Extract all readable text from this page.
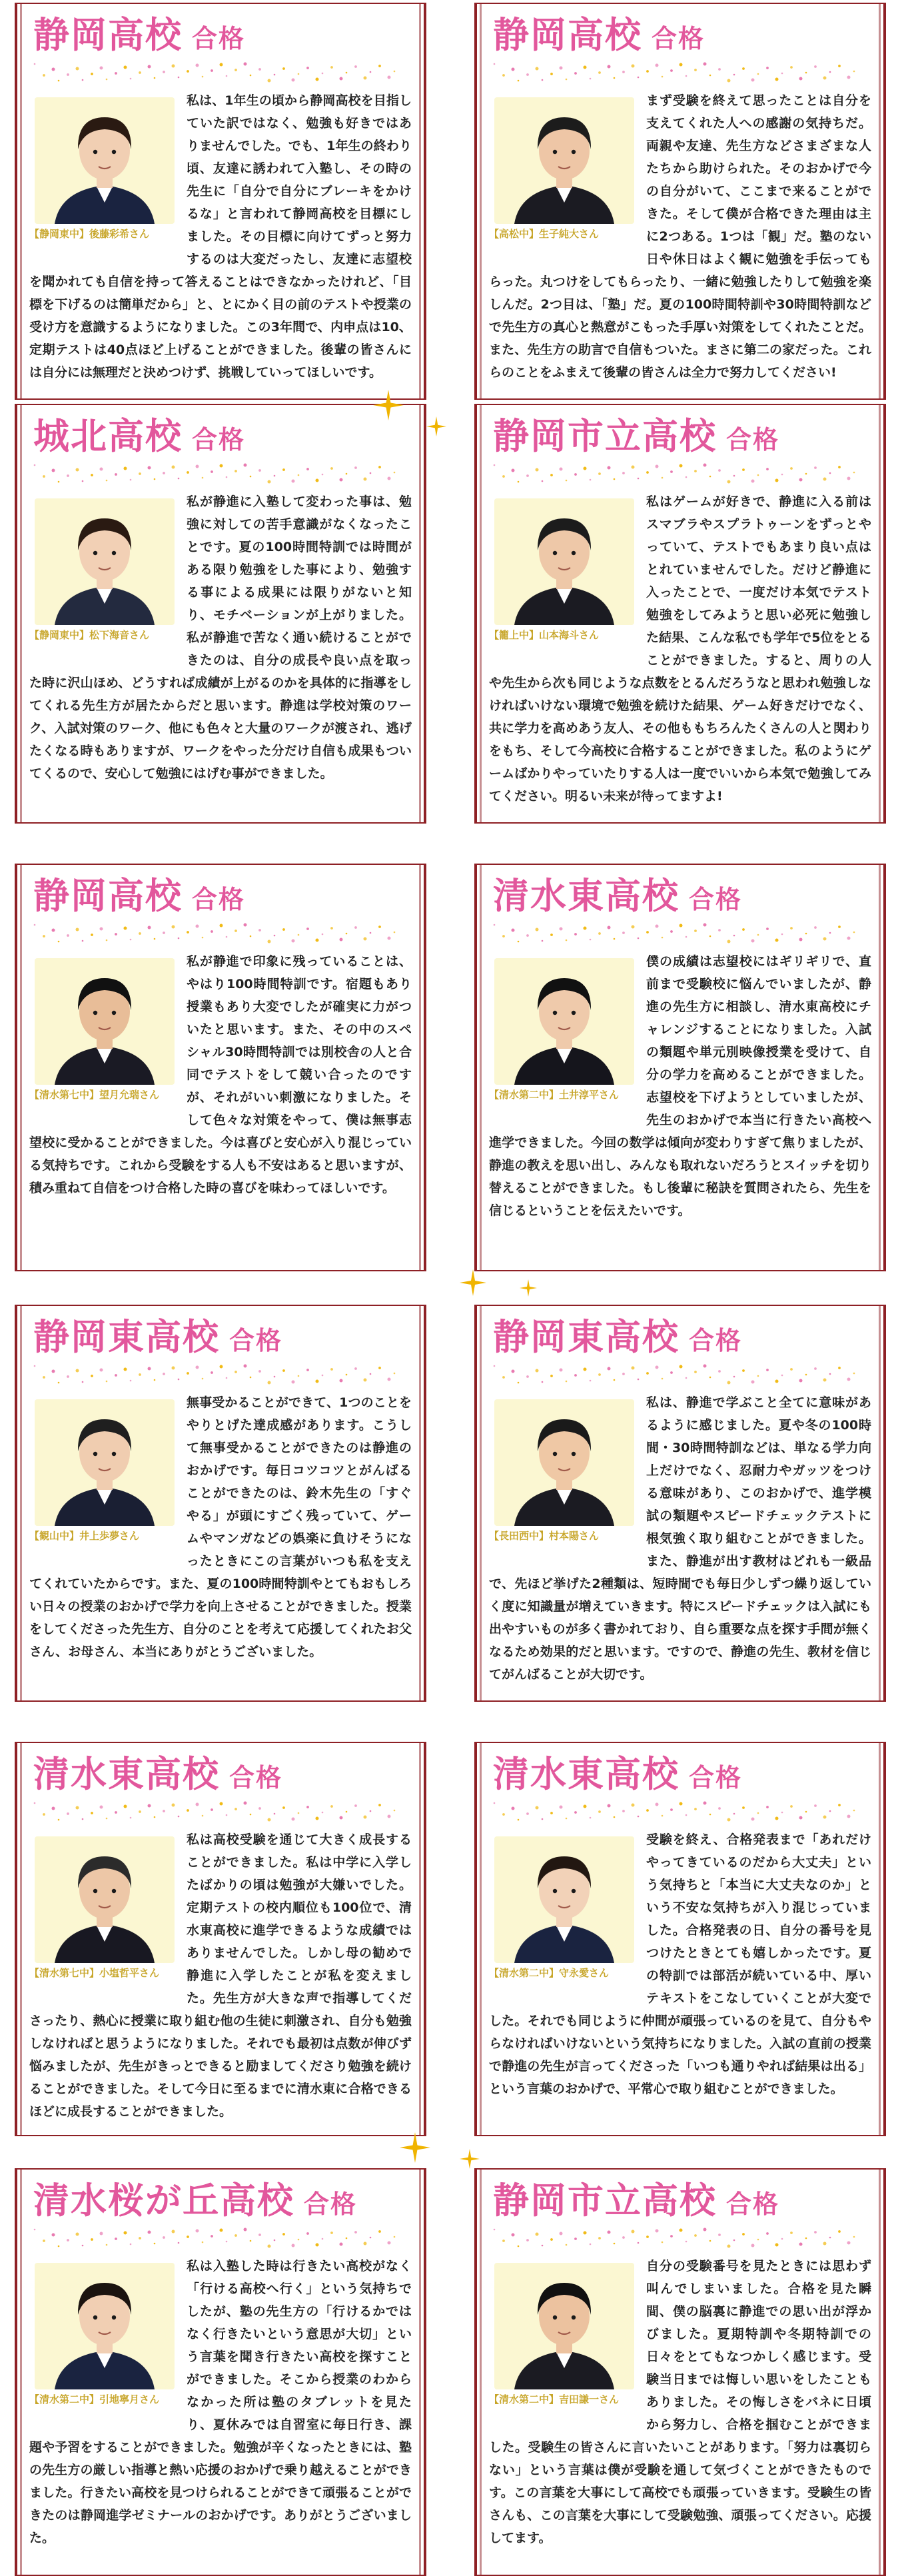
静岡高校 合格
私は、1年生の頃から静岡高校を目指していた訳ではなく、勉強も好きではありませんでした。でも、1年生の終わり頃、友達に誘われて入塾し、その時の先生に「自分で自分にブレーキをかけるな」と言われて静岡高校を目標にしました。その目標に向けてずっと努力するのは大変だったし、友達に志望校を聞かれても自信を持って答えることはできなかったけれど、「目標を下げるのは簡単だから」と、とにかく目の前のテストや授業の受け方を意識するようになりました。この3年間で、内申点は10、定期テストは40点ほど上げることができました。後輩の皆さんには自分には無理だと決めつけず、挑戦していってほしいです。
【静岡東中】後藤彩希さん
静岡高校 合格
まず受験を終えて思ったことは自分を支えてくれた人への感謝の気持ちだ。両親や友達、先生方などさまざまな人たちから助けられた。そのおかげで今の自分がいて、ここまで来ることができた。そして僕が合格できた理由は主に2つある。1つは「観」だ。塾のない日や休日はよく観に勉強を手伝ってもらった。丸つけをしてもらったり、一緒に勉強したりして勉強を楽しんだ。2つ目は、「塾」だ。夏の100時間特訓や30時間特訓などで先生方の真心と熱意がこもった手厚い対策をしてくれたことだ。また、先生方の助言で自信もついた。まさに第二の家だった。これらのことをふまえて後輩の皆さんは全力で努力してください!
【高松中】生子純大さん
城北高校 合格
私が静進に入塾して変わった事は、勉強に対しての苦手意識がなくなったことです。夏の100時間特訓では時間がある限り勉強をした事により、勉強する事による成果には限りがないと知り、モチベーションが上がりました。私が静進で苦なく通い続けることができたのは、自分の成長や良い点を取った時に沢山ほめ、どうすれば成績が上がるのかを具体的に指導をしてくれる先生方が居たからだと思います。静進は学校対策のワーク、入試対策のワーク、他にも色々と大量のワークが渡され、逃げたくなる時もありますが、ワークをやった分だけ自信も成果もついてくるので、安心して勉強にはげむ事ができました。
【静岡東中】松下海音さん
静岡市立高校 合格
私はゲームが好きで、静進に入る前はスマブラやスプラトゥーンをずっとやっていて、テストでもあまり良い点はとれていませんでした。だけど静進に入ったことで、一度だけ本気でテスト勉強をしてみようと思い必死に勉強した結果、こんな私でも学年で5位をとることができました。すると、周りの人や先生から次も同じような点数をとるんだろうなと思われ勉強しなければいけない環境で勉強を続けた結果、ゲーム好きだけでなく、共に学力を高めあう友人、その他ももちろんたくさんの人と関わりをもち、そして今高校に合格することができました。私のようにゲームばかりやっていたりする人は一度でいいから本気で勉強してみてください。明るい未来が待ってますよ!
【籠上中】山本海斗さん
静岡高校 合格
私が静進で印象に残っていることは、やはり100時間特訓です。宿題もあり授業もあり大変でしたが確実に力がついたと思います。また、その中のスペシャル30時間特訓では別校舎の人と合同でテストをして競い合ったのですが、それがいい刺激になりました。そして色々な対策をやって、僕は無事志望校に受かることができました。今は喜びと安心が入り混じっている気持ちです。これから受験をする人も不安はあると思いますが、積み重ねて自信をつけ合格した時の喜びを味わってほしいです。
【清水第七中】望月允瑞さん
清水東高校 合格
僕の成績は志望校にはギリギリで、直前まで受験校に悩んでいましたが、静進の先生方に相談し、清水東高校にチャレンジすることになりました。入試の類題や単元別映像授業を受けて、自分の学力を高めることができました。志望校を下げようとしていましたが、先生のおかげで本当に行きたい高校へ進学できました。今回の数学は傾向が変わりすぎて焦りましたが、静進の教えを思い出し、みんなも取れないだろうとスイッチを切り替えることができました。もし後輩に秘訣を質問されたら、先生を信じるということを伝えたいです。
【清水第二中】土井淳平さん
静岡東高校 合格
無事受かることができて、1つのことをやりとげた達成感があります。こうして無事受かることができたのは静進のおかげです。毎日コツコツとがんばることができたのは、鈴木先生の「すぐやる」が頭にすごく残っていて、ゲームやマンガなどの娯楽に負けそうになったときにこの言葉がいつも私を支えてくれていたからです。また、夏の100時間特訓やとてもおもしろい日々の授業のおかげで学力を向上させることができました。授業をしてくださった先生方、自分のことを考えて応援してくれたお父さん、お母さん、本当にありがとうございました。
【観山中】井上歩夢さん
静岡東高校 合格
私は、静進で学ぶこと全てに意味があるように感じました。夏や冬の100時間・30時間特訓などは、単なる学力向上だけでなく、忍耐力やガッツをつける意味があり、このおかげで、進学模試の類題やスピードチェックテストに根気強く取り組むことができました。また、静進が出す教材はどれも一級品で、先ほど挙げた2種類は、短時間でも毎日少しずつ繰り返していく度に知識量が増えていきます。特にスピードチェックは入試にも出やすいものが多く書かれており、自ら重要な点を探す手間が無くなるため効果的だと思います。ですので、静進の先生、教材を信じてがんばることが大切です。
【長田西中】村本陽さん
清水東高校 合格
私は高校受験を通じて大きく成長することができました。私は中学に入学したばかりの頃は勉強が大嫌いでした。定期テストの校内順位も100位で、清水東高校に進学できるような成績ではありませんでした。しかし母の勧めで静進に入学したことが私を変えました。先生方が大きな声で指導してくださったり、熱心に授業に取り組む他の生徒に刺激され、自分も勉強しなければと思うようになりました。それでも最初は点数が伸びず悩みましたが、先生がきっとできると励ましてくださり勉強を続けることができました。そして今日に至るまでに清水東に合格できるほどに成長することができました。
【清水第七中】小塩哲平さん
清水東高校 合格
受験を終え、合格発表まで「あれだけやってきているのだから大丈夫」という気持ちと「本当に大丈夫なのか」という不安な気持ちが入り混じっていました。合格発表の日、自分の番号を見つけたときとても嬉しかったです。夏の特訓では部活が続いている中、厚いテキストをこなしていくことが大変でした。それでも同じように仲間が頑張っているのを見て、自分もやらなければいけないという気持ちになりました。入試の直前の授業で静進の先生が言ってくださった「いつも通りやれば結果は出る」という言葉のおかげで、平常心で取り組むことができました。
【清水第二中】守永愛さん
清水桜が丘高校 合格
私は入塾した時は行きたい高校がなく「行ける高校へ行く」という気持ちでしたが、塾の先生方の「行けるかではなく行きたいという意思が大切」という言葉を聞き行きたい高校を探すことができました。そこから授業のわからなかった所は塾のタブレットを見たり、夏休みでは自習室に毎日行き、課題や予習をすることができました。勉強が辛くなったときには、塾の先生方の厳しい指導と熱い応援のおかげで乗り越えることができました。行きたい高校を見つけられることができて頑張ることができたのは静岡進学ゼミナールのおかげです。ありがとうございました。
【清水第二中】引地寧月さん
静岡市立高校 合格
自分の受験番号を見たときには思わず叫んでしまいました。合格を見た瞬間、僕の脳裏に静進での思い出が浮かびました。夏期特訓や冬期特訓での日々をとてもなつかしく感じます。受験当日までは悔しい思いをしたこともありました。その悔しさをバネに日頃から努力し、合格を掴むことができました。受験生の皆さんに言いたいことがあります。「努力は裏切らない」という言葉は僕が受験を通して気づくことができたものです。この言葉を大事にして高校でも頑張っていきます。受験生の皆さんも、この言葉を大事にして受験勉強、頑張ってください。応援してます。
【清水第二中】吉田謙一さん
